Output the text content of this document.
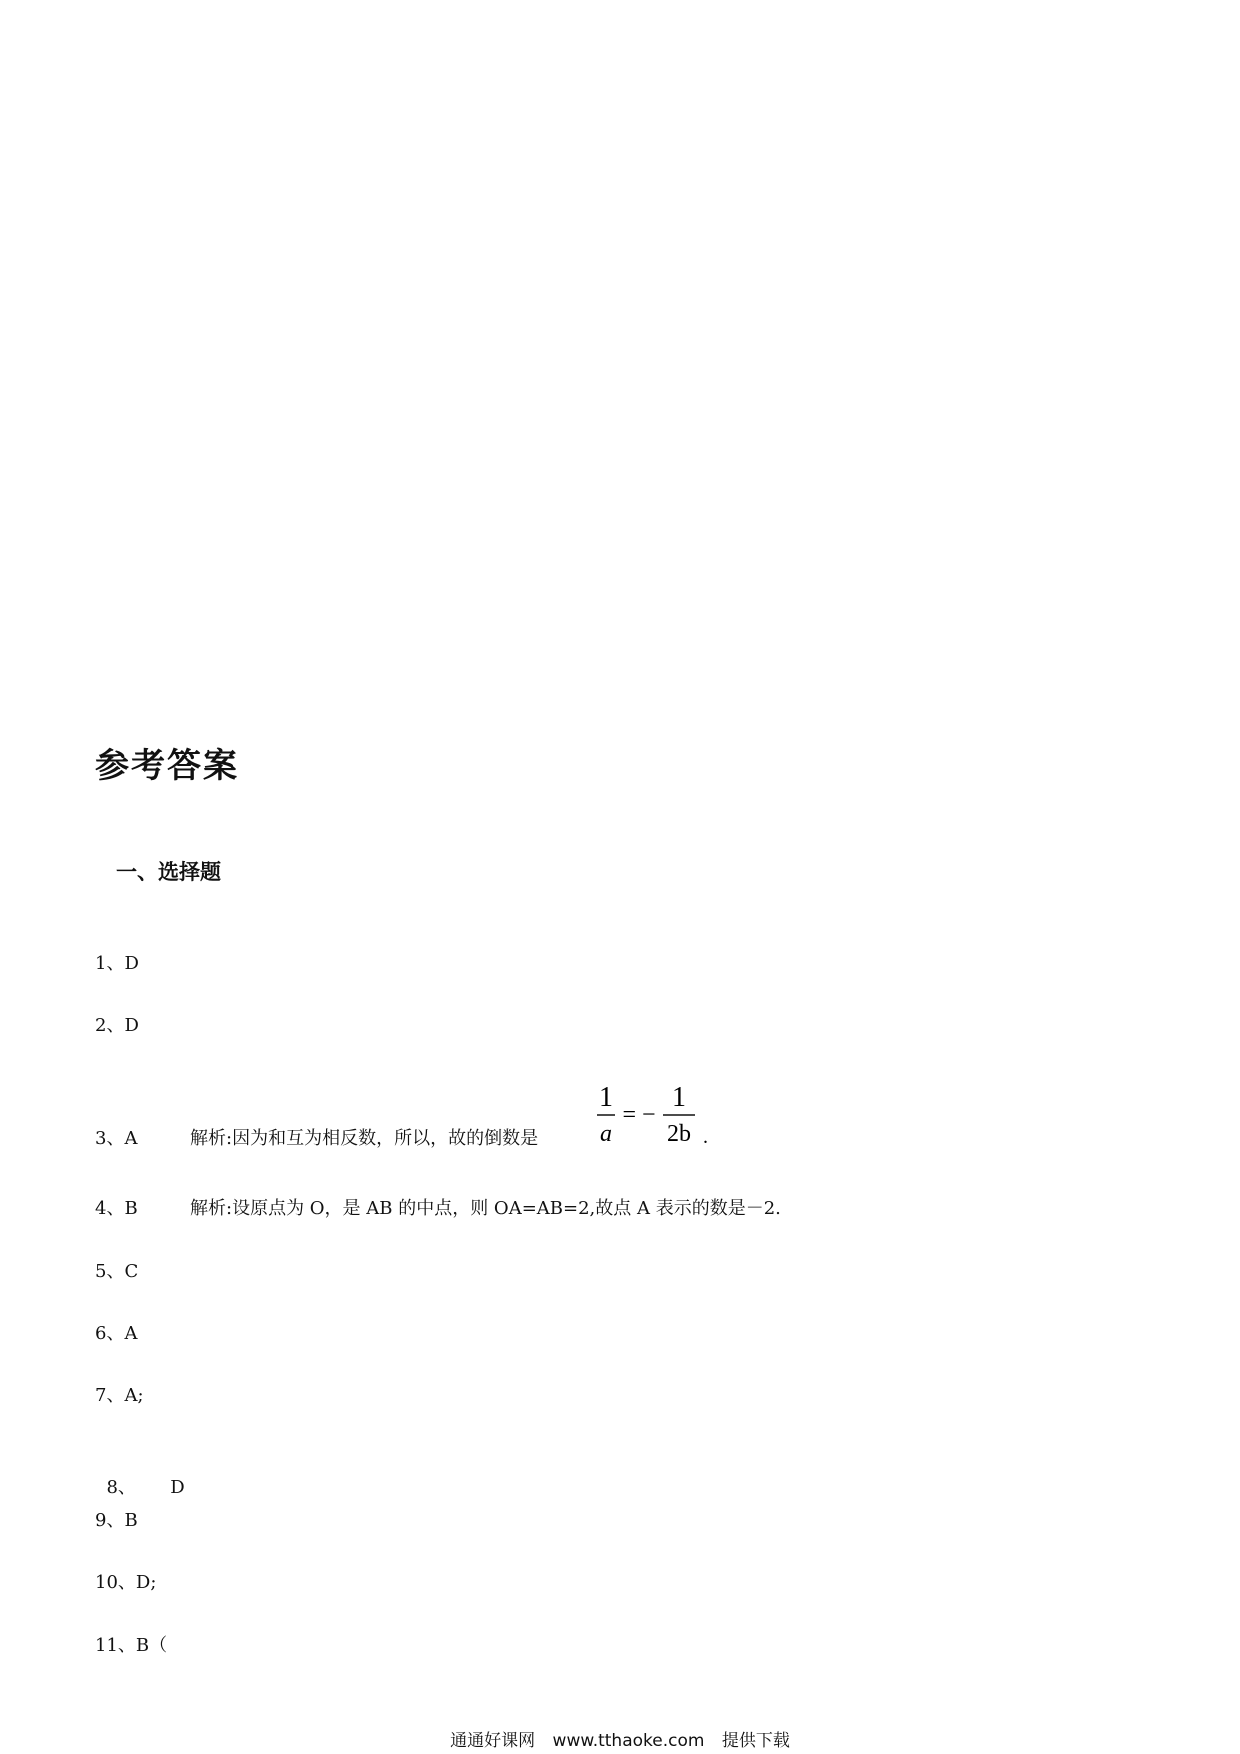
参考答案
一、选择题
1、D
2、D
3、A	解析:因为和互为相反数，所以，故的倒数是
1
a
= −
1
2b .
4、B	解析:设原点为 O，是 AB 的中点，则 OA=AB=2,故点 A 表示的数是－2.
5、C
6、A
7、A;

8、      D

9、B
10、D;
11、B（
通通好课网 www.tthaoke.com 提供下载
